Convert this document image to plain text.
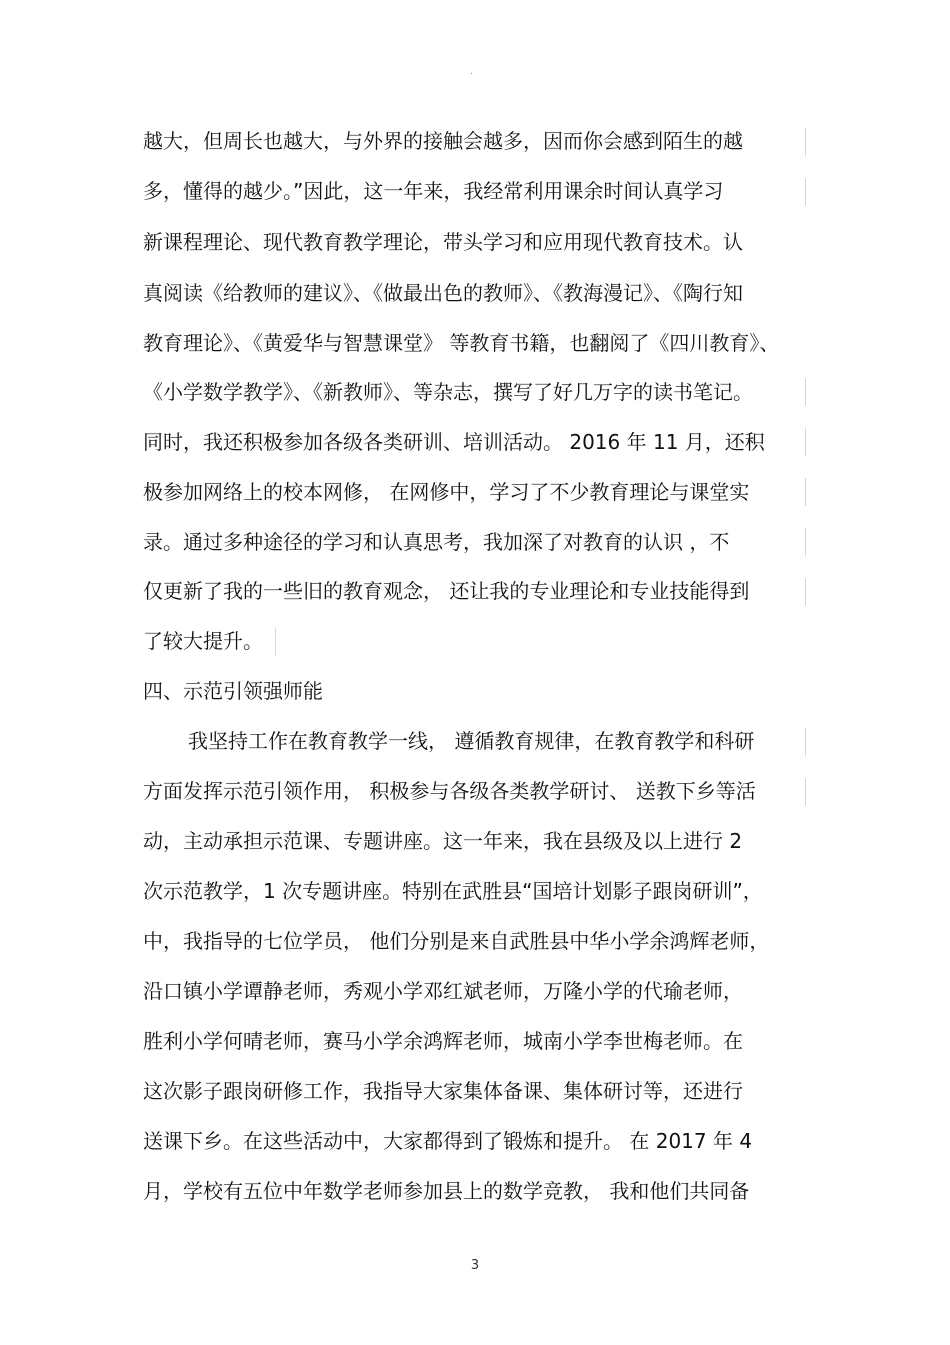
.
越大，但周长也越大，与外界的接触会越多，因而你会感到陌生的越
多，懂得的越少。”因此，这一年来，我经常利用课余时间认真学习
新课程理论、现代教育教学理论，带头学习和应用现代教育技术。认
真阅读《给教师的建议》、《做最出色的教师》、《教海漫记》、《陶行知
教育理论》、《黄爱华与智慧课堂》 等教育书籍，也翻阅了《四川教育》、
《小学数学教学》、《新教师》、等杂志，撰写了好几万字的读书笔记。
同时，我还积极参加各级各类研训、培训活动。 2016 年 11 月，还积
极参加网络上的校本网修， 在网修中，学习了不少教育理论与课堂实
录。通过多种途径的学习和认真思考，我加深了对教育的认识 ，不
仅更新了我的一些旧的教育观念， 还让我的专业理论和专业技能得到
了较大提升。
四、示范引领强师能
我坚持工作在教育教学一线， 遵循教育规律，在教育教学和科研
方面发挥示范引领作用， 积极参与各级各类教学研讨、 送教下乡等活
动，主动承担示范课、专题讲座。这一年来，我在县级及以上进行 2
次示范教学，1 次专题讲座。特别在武胜县“国培计划影子跟岗研训”，
中，我指导的七位学员， 他们分别是来自武胜县中华小学余鸿辉老师，
沿口镇小学谭静老师，秀观小学邓红斌老师，万隆小学的代瑜老师，
胜利小学何晴老师，赛马小学余鸿辉老师，城南小学李世梅老师。在
这次影子跟岗研修工作，我指导大家集体备课、集体研讨等，还进行
送课下乡。在这些活动中，大家都得到了锻炼和提升。 在 2017 年 4
月，学校有五位中年数学老师参加县上的数学竞教， 我和他们共同备
3
